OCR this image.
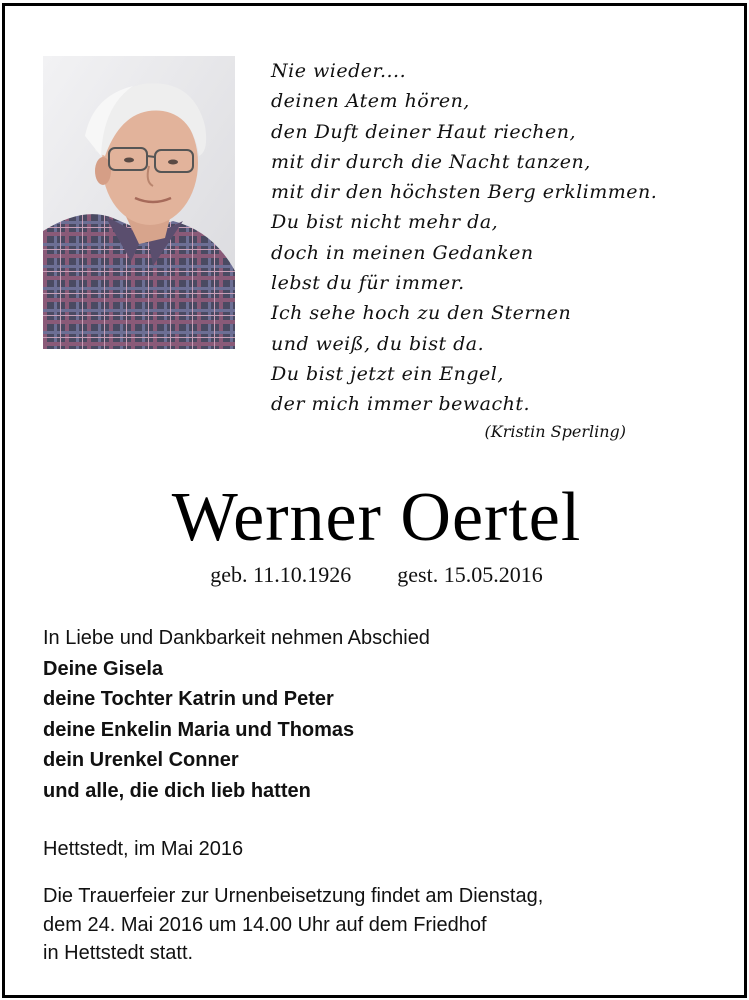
Nie wieder....
deinen Atem hören,
den Duft deiner Haut riechen,
mit dir durch die Nacht tanzen,
mit dir den höchsten Berg erklimmen.
Du bist nicht mehr da,
doch in meinen Gedanken
lebst du für immer.
Ich sehe hoch zu den Sternen
und weiß, du bist da.
Du bist jetzt ein Engel,
der mich immer bewacht.
(Kristin Sperling)
Werner Oertel
geb. 11.10.1926 gest. 15.05.2016
In Liebe und Dankbarkeit nehmen Abschied
Deine Gisela
deine Tochter Katrin und Peter
deine Enkelin Maria und Thomas
dein Urenkel Conner
und alle, die dich lieb hatten
Hettstedt, im Mai 2016
Die Trauerfeier zur Urnenbeisetzung findet am Dienstag,
dem 24. Mai 2016 um 14.00 Uhr auf dem Friedhof
in Hettstedt statt.
